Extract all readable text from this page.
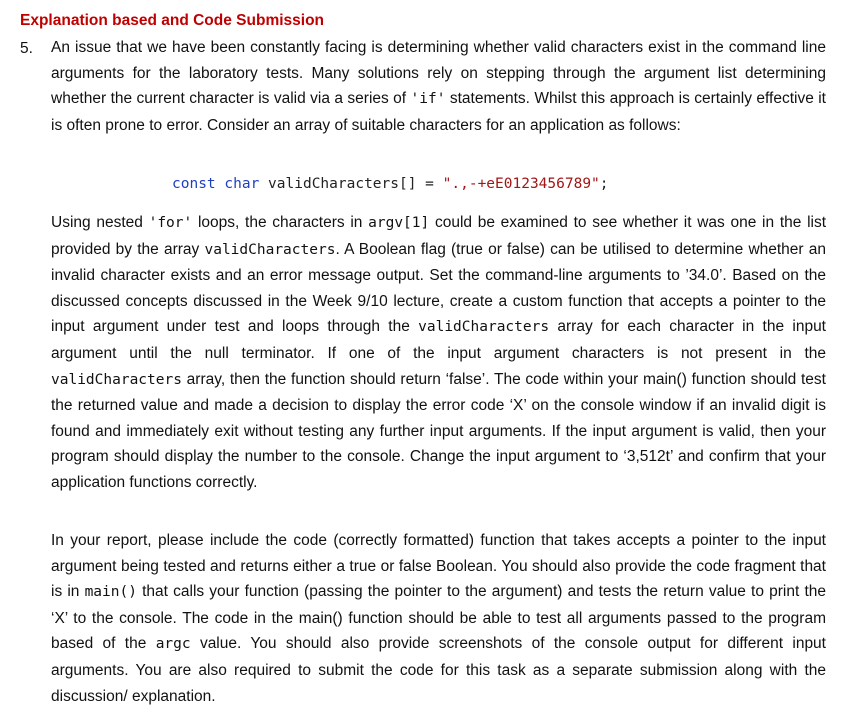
Explanation based and Code Submission
5. An issue that we have been constantly facing is determining whether valid characters exist in the command line arguments for the laboratory tests. Many solutions rely on stepping through the argument list determining whether the current character is valid via a series of 'if' statements. Whilst this approach is certainly effective it is often prone to error. Consider an array of suitable characters for an application as follows:

const char validCharacters[] = ".,-+eE0123456789";

Using nested 'for' loops, the characters in argv[1] could be examined to see whether it was one in the list provided by the array validCharacters. A Boolean flag (true or false) can be utilised to determine whether an invalid character exists and an error message output. Set the command-line arguments to ’34.0’. Based on the discussed concepts discussed in the Week 9/10 lecture, create a custom function that accepts a pointer to the input argument under test and loops through the validCharacters array for each character in the input argument until the null terminator. If one of the input argument characters is not present in the validCharacters array, then the function should return ‘false’. The code within your main() function should test the returned value and made a decision to display the error code ‘X’ on the console window if an invalid digit is found and immediately exit without testing any further input arguments. If the input argument is valid, then your program should display the number to the console. Change the input argument to ‘3,512t’ and confirm that your application functions correctly.

In your report, please include the code (correctly formatted) function that takes accepts a pointer to the input argument being tested and returns either a true or false Boolean. You should also provide the code fragment that is in main() that calls your function (passing the pointer to the argument) and tests the return value to print the ‘X’ to the console. The code in the main() function should be able to test all arguments passed to the program based of the argc value. You should also provide screenshots of the console output for different input arguments. You are also required to submit the code for this task as a separate submission along with the discussion/ explanation.
